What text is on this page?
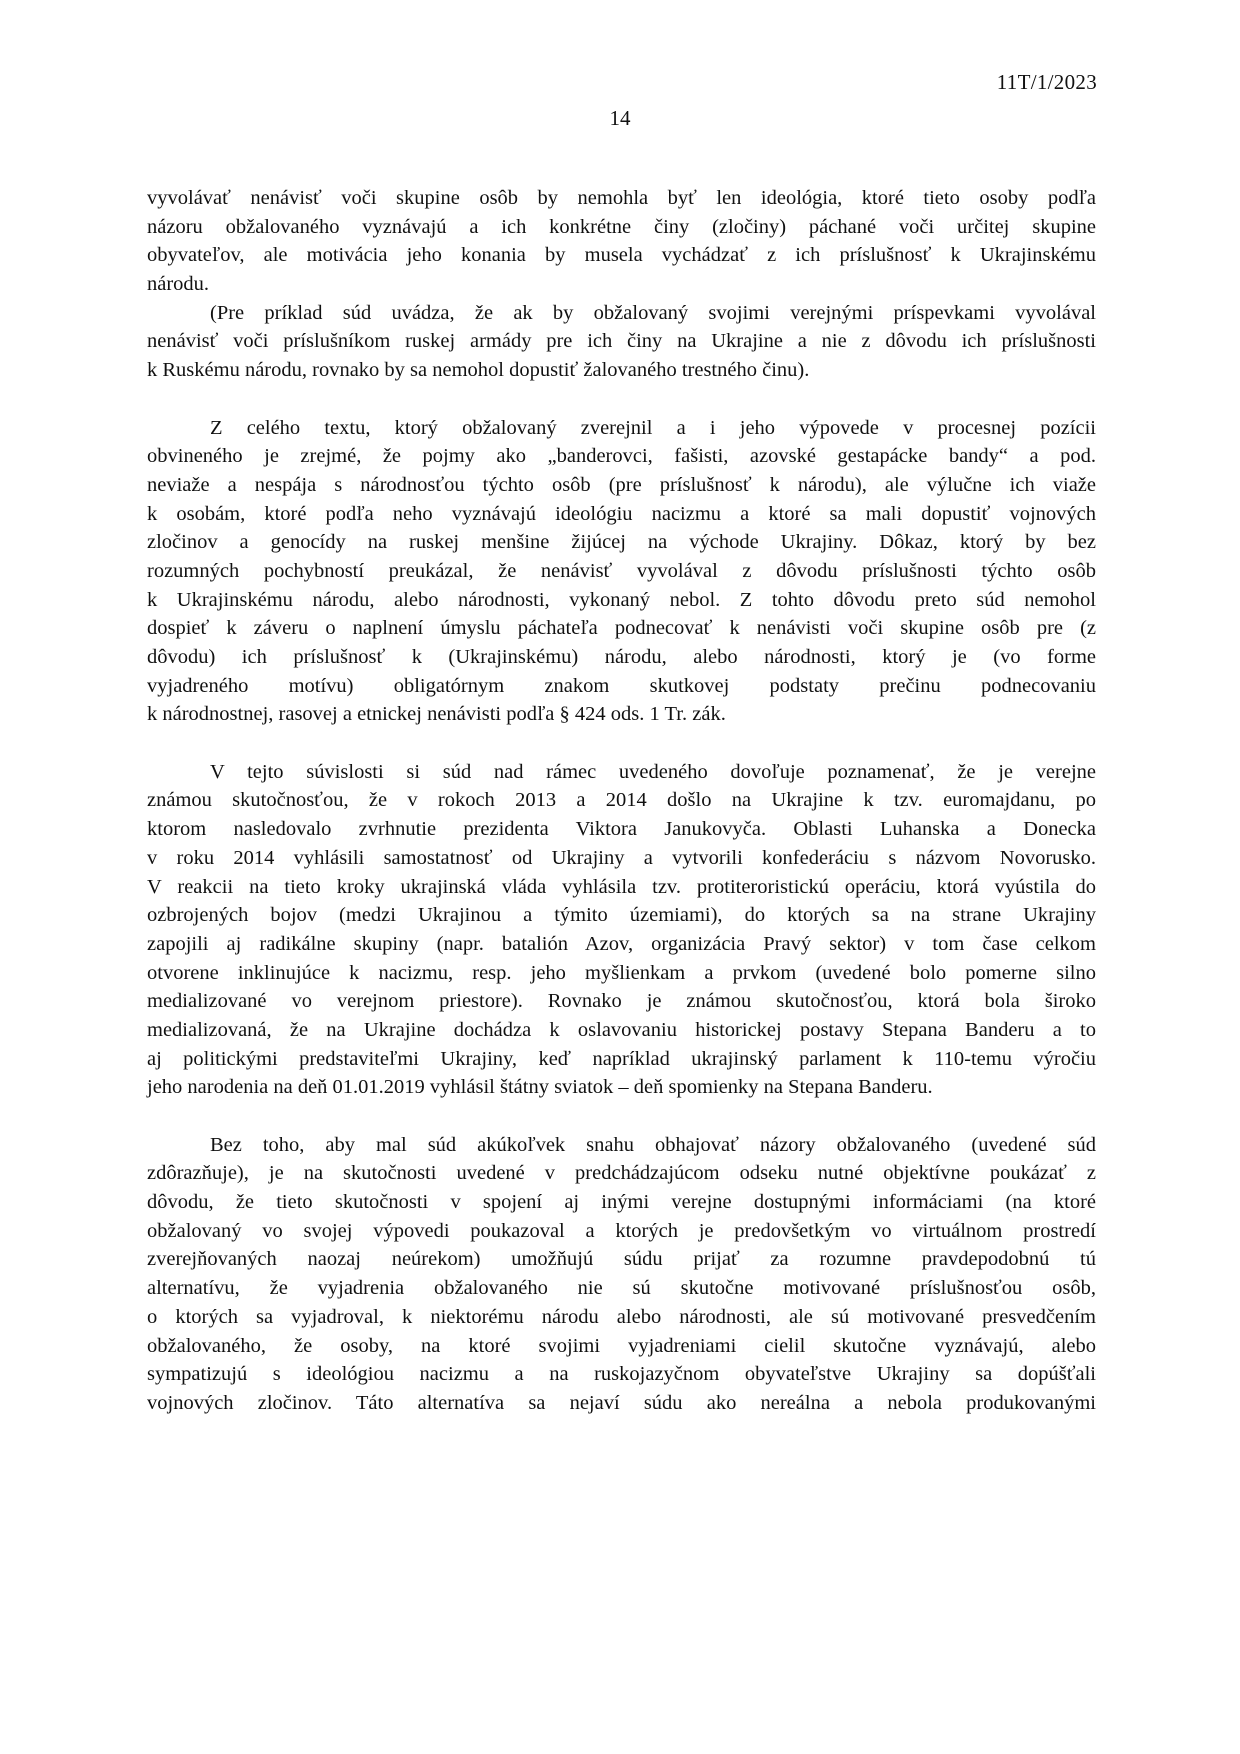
11T/1/2023
14
vyvolávať nenávisť voči skupine osôb by nemohla byť len ideológia, ktoré tieto osoby podľa
názoru obžalovaného vyznávajú a ich konkrétne činy (zločiny) páchané voči určitej skupine
obyvateľov, ale motivácia jeho konania by musela vychádzať z ich príslušnosť k Ukrajinskému
národu.
(Pre príklad súd uvádza, že ak by obžalovaný svojimi verejnými príspevkami vyvolával
nenávisť voči príslušníkom ruskej armády pre ich činy na Ukrajine a nie z dôvodu ich príslušnosti
k Ruskému národu, rovnako by sa nemohol dopustiť žalovaného trestného činu).
Z celého textu, ktorý obžalovaný zverejnil a i jeho výpovede v procesnej pozícii
obvineného je zrejmé, že pojmy ako „banderovci, fašisti, azovské gestapácke bandy“ a pod.
neviaže a nespája s národnosťou týchto osôb (pre príslušnosť k národu), ale výlučne ich viaže
k osobám, ktoré podľa neho vyznávajú ideológiu nacizmu a ktoré sa mali dopustiť vojnových
zločinov a genocídy na ruskej menšine žijúcej na východe Ukrajiny. Dôkaz, ktorý by bez
rozumných pochybností preukázal, že nenávisť vyvolával z dôvodu príslušnosti týchto osôb
k Ukrajinskému národu, alebo národnosti, vykonaný nebol. Z tohto dôvodu preto súd nemohol
dospieť k záveru o naplnení úmyslu páchateľa podnecovať k nenávisti voči skupine osôb pre (z
dôvodu) ich príslušnosť k (Ukrajinskému) národu, alebo národnosti, ktorý je (vo forme
vyjadreného motívu) obligatórnym znakom skutkovej podstaty prečinu podnecovaniu
k národnostnej, rasovej a etnickej nenávisti podľa § 424 ods. 1 Tr. zák.
V tejto súvislosti si súd nad rámec uvedeného dovoľuje poznamenať, že je verejne
známou skutočnosťou, že v rokoch 2013 a 2014 došlo na Ukrajine k tzv. euromajdanu, po
ktorom nasledovalo zvrhnutie prezidenta Viktora Janukovyča. Oblasti Luhanska a Donecka
v roku 2014 vyhlásili samostatnosť od Ukrajiny a vytvorili konfederáciu s názvom Novorusko.
V reakcii na tieto kroky ukrajinská vláda vyhlásila tzv. protiteroristickú operáciu, ktorá vyústila do
ozbrojených bojov (medzi Ukrajinou a týmito územiami), do ktorých sa na strane Ukrajiny
zapojili aj radikálne skupiny (napr. batalión Azov, organizácia Pravý sektor) v tom čase celkom
otvorene inklinujúce k nacizmu, resp. jeho myšlienkam a prvkom (uvedené bolo pomerne silno
medializované vo verejnom priestore). Rovnako je známou skutočnosťou, ktorá bola široko
medializovaná, že na Ukrajine dochádza k oslavovaniu historickej postavy Stepana Banderu a to
aj politickými predstaviteľmi Ukrajiny, keď napríklad ukrajinský parlament k 110-temu výročiu
jeho narodenia na deň 01.01.2019 vyhlásil štátny sviatok – deň spomienky na Stepana Banderu.
Bez toho, aby mal súd akúkoľvek snahu obhajovať názory obžalovaného (uvedené súd
zdôrazňuje), je na skutočnosti uvedené v predchádzajúcom odseku nutné objektívne poukázať z
dôvodu, že tieto skutočnosti v spojení aj inými verejne dostupnými informáciami (na ktoré
obžalovaný vo svojej výpovedi poukazoval a ktorých je predovšetkým vo virtuálnom prostredí
zverejňovaných naozaj neúrekom) umožňujú súdu prijať za rozumne pravdepodobnú tú
alternatívu, že vyjadrenia obžalovaného nie sú skutočne motivované príslušnosťou osôb,
o ktorých sa vyjadroval, k niektorému národu alebo národnosti, ale sú motivované presvedčením
obžalovaného, že osoby, na ktoré svojimi vyjadreniami cielil skutočne vyznávajú, alebo
sympatizujú s ideológiou nacizmu a na ruskojazyčnom obyvateľstve Ukrajiny sa dopúšťali
vojnových zločinov. Táto alternatíva sa nejaví súdu ako nereálna a nebola produkovanými
